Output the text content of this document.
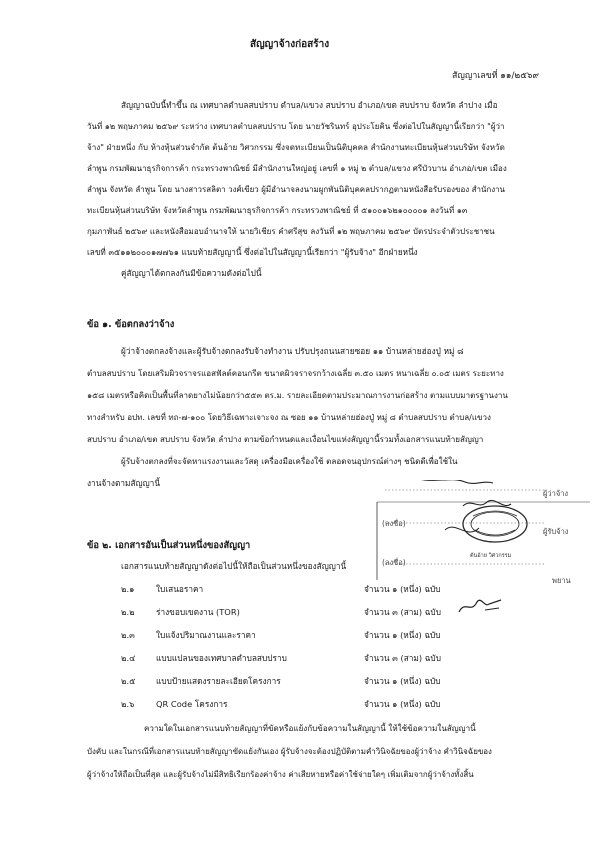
สัญญาจ้างก่อสร้าง
สัญญาเลขที่ ๑๑/๒๕๖๙
สัญญาฉบับนี้ทำขึ้น ณ เทศบาลตำบลสบปราบ ตำบล/แขวง สบปราบ อำเภอ/เขต สบปราบ จังหวัด ลำปาง เมื่อ
วันที่ ๑๒ พฤษภาคม ๒๕๖๙ ระหว่าง เทศบาลตำบลสบปราบ โดย นายวัชรินทร์ อุประโยคิน ซึ่งต่อไปในสัญญานี้เรียกว่า "ผู้ว่า
จ้าง" ฝ่ายหนึ่ง กับ ห้างหุ้นส่วนจำกัด ต้นอ้าย วิศวกรรม ซึ่งจดทะเบียนเป็นนิติบุคคล สำนักงานทะเบียนหุ้นส่วนบริษัท จังหวัด
ลำพูน กรมพัฒนาธุรกิจการค้า กระทรวงพาณิชย์ มีสำนักงานใหญ่อยู่ เลขที่ ๑ หมู่ ๒ ตำบล/แขวง ศรีบัวบาน อำเภอ/เขต เมือง
ลำพูน จังหวัด ลำพูน โดย นางสาวรสลิตา วงศ์เขียว ผู้มีอำนาจลงนามผูกพันนิติบุคคลปรากฏตามหนังสือรับรองของ สำนักงาน
ทะเบียนหุ้นส่วนบริษัท จังหวัดลำพูน กรมพัฒนาธุรกิจการค้า กระทรวงพาณิชย์ ที่ ๕๑๐๐๑๖๒๑๐๐๐๐๑ ลงวันที่ ๑๓
กุมภาพันธ์ ๒๕๖๙ และหนังสือมอบอำนาจให้ นายวิเชียร คำศรีสุข ลงวันที่ ๑๒ พฤษภาคม ๒๕๖๙ บัตรประจำตัวประชาชน
เลขที่ ๓๕๑๑๒๐๐๐๑๗๗๖๑ แนบท้ายสัญญานี้ ซึ่งต่อไปในสัญญานี้เรียกว่า "ผู้รับจ้าง" อีกฝ่ายหนึ่ง
คู่สัญญาได้ตกลงกันมีข้อความดังต่อไปนี้
ข้อ ๑. ข้อตกลงว่าจ้าง
ผู้ว่าจ้างตกลงจ้างและผู้รับจ้างตกลงรับจ้างทำงาน ปรับปรุงถนนสายซอย ๑๑ บ้านหล่ายฮ่องปู่ หมู่ ๘
ตำบลสบปราบ โดยเสริมผิวจราจรแอสฟัลต์คอนกรีต ขนาดผิวจราจรกว้างเฉลี่ย ๓.๕๐ เมตร หนาเฉลี่ย ๐.๐๕ เมตร ระยะทาง
๑๕๘ เมตรหรือคิดเป็นพื้นที่ลาดยางไม่น้อยกว่า๕๕๓ ตร.ม. รายละเอียดตามประมาณการงานก่อสร้าง ตามแบบมาตรฐานงาน
ทางสำหรับ อปท. เลขที่ ทถ-๗-๑๐๐ โดยวิธีเฉพาะเจาะจง ณ ซอย ๑๑ บ้านหล่ายฮ่องปู่ หมู่ ๘ ตำบลสบปราบ ตำบล/แขวง
สบปราบ อำเภอ/เขต สบปราบ จังหวัด ลำปาง ตามข้อกำหนดและเงื่อนไขแห่งสัญญานี้รวมทั้งเอกสารแนบท้ายสัญญา
ผู้รับจ้างตกลงที่จะจัดหาแรงงานและวัสดุ เครื่องมือเครื่องใช้ ตลอดจนอุปกรณ์ต่างๆ ชนิดดีเพื่อใช้ใน
งานจ้างตามสัญญานี้
ข้อ ๒. เอกสารอันเป็นส่วนหนึ่งของสัญญา
เอกสารแนบท้ายสัญญาดังต่อไปนี้ให้ถือเป็นส่วนหนึ่งของสัญญานี้
๒.๑	ใบเสนอราคา	จำนวน ๑ (หนึ่ง) ฉบับ
๒.๒	ร่างขอบเขตงาน (TOR)	จำนวน ๓ (สาม) ฉบับ
๒.๓	ใบแจ้งปริมาณงานและราคา	จำนวน ๑ (หนึ่ง) ฉบับ
๒.๔ แบบแปลนของเทศบาลตำบลสบปราบ	จำนวน ๓ (สาม) ฉบับ
๒.๕ แบบป้ายแสดงรายละเอียดโครงการ	จำนวน ๑ (หนึ่ง) ฉบับ
๒.๖	QR Code โครงการ	จำนวน ๑ (หนึ่ง) ฉบับ
ความใดในเอกสารแนบท้ายสัญญาที่ขัดหรือแย้งกับข้อความในสัญญานี้ ให้ใช้ข้อความในสัญญานี้
บังคับ และในกรณีที่เอกสารแนบท้ายสัญญาขัดแย้งกันเอง ผู้รับจ้างจะต้องปฏิบัติตามคำวินิจฉัยของผู้ว่าจ้าง คำวินิจฉัยของ
ผู้ว่าจ้างให้ถือเป็นที่สุด และผู้รับจ้างไม่มีสิทธิเรียกร้องค่าจ้าง ค่าเสียหายหรือค่าใช้จ่ายใดๆ เพิ่มเติมจากผู้ว่าจ้างทั้งสิ้น
(ลงชื่อ)
(ลงชื่อ)
ผู้ว่าจ้าง
ผู้รับจ้าง
พยาน
ต้นอ้าย วิศวกรรม
